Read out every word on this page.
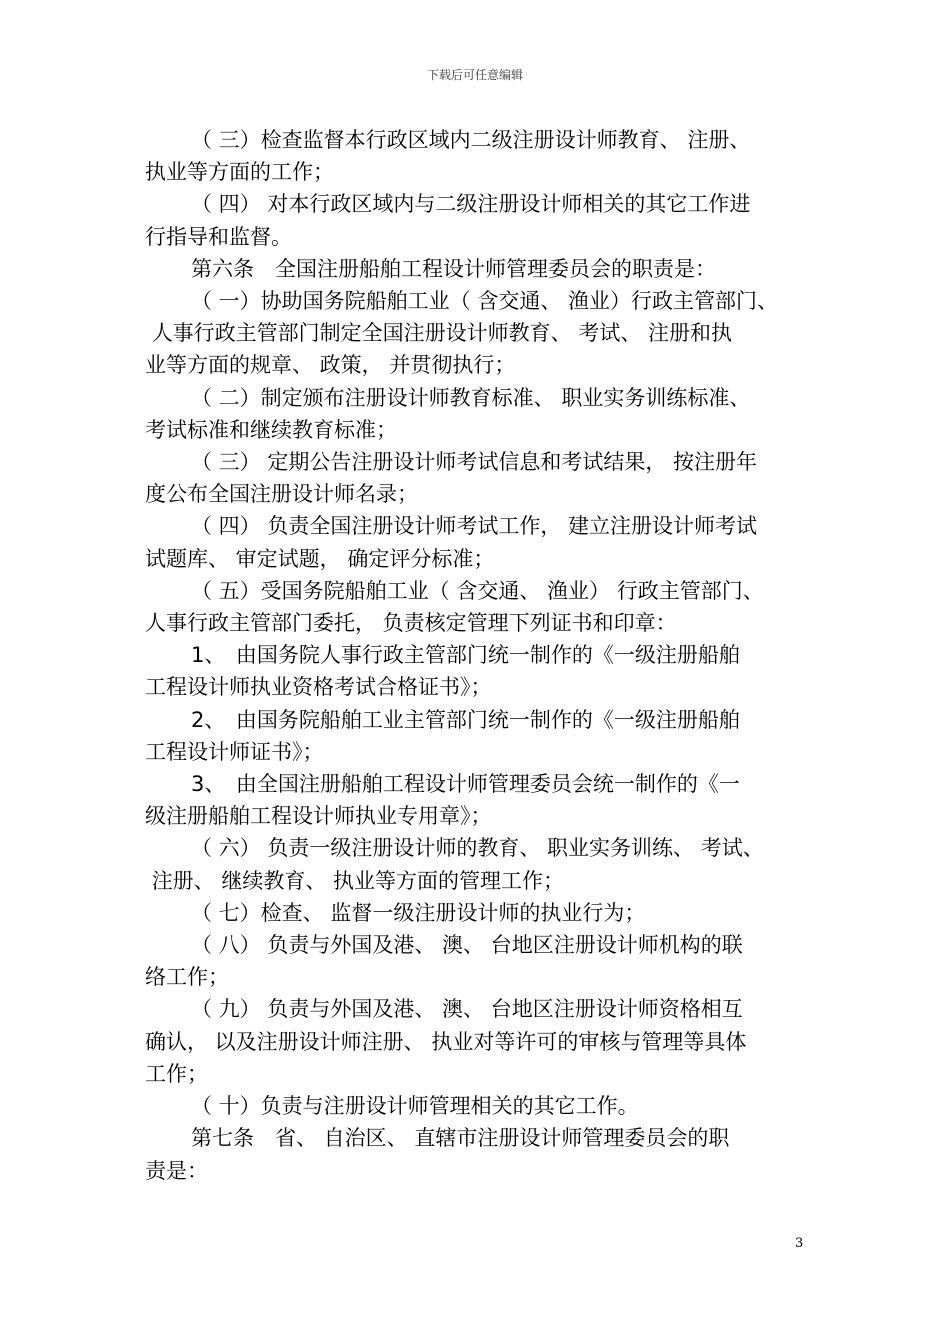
下载后可任意编辑

（ 三）检查监督本行政区域内二级注册设计师教育、 注册、
执业等方面的工作；

（ 四） 对本行政区域内与二级注册设计师相关的其它工作进
行指导和监督。

第六条　全国注册船舶工程设计师管理委员会的职责是：

（ 一）协助国务院船舶工业（ 含交通、 渔业）行政主管部门、
人事行政主管部门制定全国注册设计师教育、 考试、 注册和执
业等方面的规章、 政策， 并贯彻执行；

（ 二）制定颁布注册设计师教育标准、 职业实务训练标准、
考试标准和继续教育标准；

（ 三） 定期公告注册设计师考试信息和考试结果， 按注册年
度公布全国注册设计师名录；

（ 四） 负责全国注册设计师考试工作， 建立注册设计师考试
试题库、 审定试题， 确定评分标准；

（ 五）受国务院船舶工业（ 含交通、 渔业） 行政主管部门、
人事行政主管部门委托， 负责核定管理下列证书和印章：

1、　由国务院人事行政主管部门统一制作的《一级注册船舶
工程设计师执业资格考试合格证书》；

2、　由国务院船舶工业主管部门统一制作的《一级注册船舶
工程设计师证书》；

3、　由全国注册船舶工程设计师管理委员会统一制作的《一
级注册船舶工程设计师执业专用章》；

（ 六） 负责一级注册设计师的教育、 职业实务训练、 考试、
注册、 继续教育、 执业等方面的管理工作；

（ 七）检查、 监督一级注册设计师的执业行为；

（ 八） 负责与外国及港、 澳、 台地区注册设计师机构的联
络工作；

（ 九） 负责与外国及港、 澳、 台地区注册设计师资格相互
确认， 以及注册设计师注册、 执业对等许可的审核与管理等具体
工作；

（ 十）负责与注册设计师管理相关的其它工作。

第七条　省、 自治区、 直辖市注册设计师管理委员会的职
责是：

3
